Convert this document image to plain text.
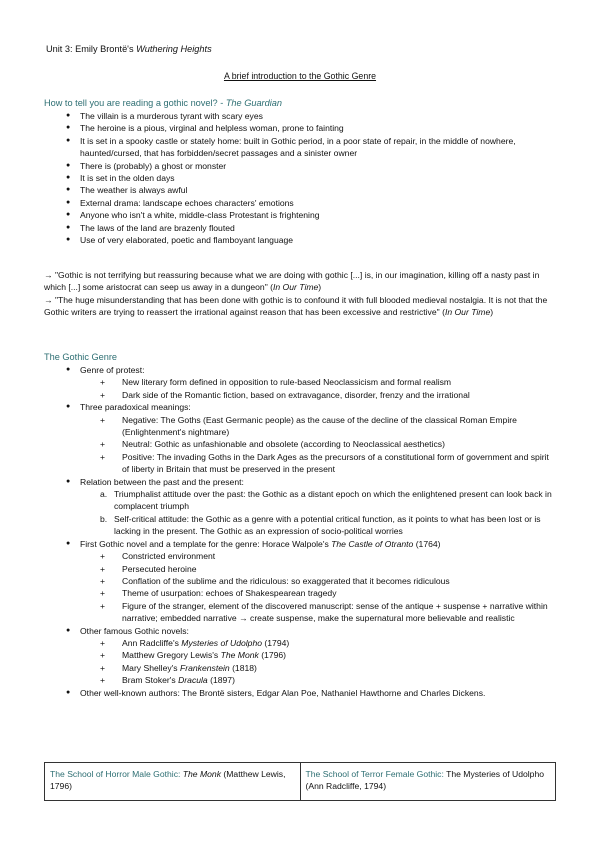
Unit 3: Emily Brontë's Wuthering Heights
A brief introduction to the Gothic Genre
How to tell you are reading a gothic novel? - The Guardian
● The villain is a murderous tyrant with scary eyes
● The heroine is a pious, virginal and helpless woman, prone to fainting
● It is set in a spooky castle or stately home: built in Gothic period, in a poor state of repair, in the middle of nowhere, haunted/cursed, that has forbidden/secret passages and a sinister owner
● There is (probably) a ghost or monster
● It is set in the olden days
● The weather is always awful
● External drama: landscape echoes characters' emotions
● Anyone who isn't a white, middle-class Protestant is frightening
● The laws of the land are brazenly flouted
● Use of very elaborated, poetic and flamboyant language

→ "Gothic is not terrifying but reassuring because what we are doing with gothic [...] is, in our imagination, killing off a nasty past in which [...] some aristocrat can seep us away in a dungeon" (In Our Time)

→ "The huge misunderstanding that has been done with gothic is to confound it with full blooded medieval nostalgia. It is not that the Gothic writers are trying to reassert the irrational against reason that has been excessive and restrictive" (In Our Time)

The Gothic Genre
● Genre of protest:
+ New literary form defined in opposition to rule-based Neoclassicism and formal realism
+ Dark side of the Romantic fiction, based on extravagance, disorder, frenzy and the irrational
● Three paradoxical meanings:
+ Negative: The Goths (East Germanic people) as the cause of the decline of the classical Roman Empire (Enlightenment's nightmare)
+ Neutral: Gothic as unfashionable and obsolete (according to Neoclassical aesthetics)
+ Positive: The invading Goths in the Dark Ages as the precursors of a constitutional form of government and spirit of liberty in Britain that must be preserved in the present
● Relation between the past and the present:
a. Triumphalist attitude over the past: the Gothic as a distant epoch on which the enlightened present can look back in complacent triumph
b. Self-critical attitude: the Gothic as a genre with a potential critical function, as it points to what has been lost or is lacking in the present. The Gothic as an expression of socio-political worries
● First Gothic novel and a template for the genre: Horace Walpole's The Castle of Otranto (1764)
+ Constricted environment
+ Persecuted heroine
+ Conflation of the sublime and the ridiculous: so exaggerated that it becomes ridiculous
+ Theme of usurpation: echoes of Shakespearean tragedy
+ Figure of the stranger, element of the discovered manuscript: sense of the antique + suspense + narrative within narrative; embedded narrative → create suspense, make the supernatural more believable and realistic
● Other famous Gothic novels:
+ Ann Radcliffe's Mysteries of Udolpho (1794)
+ Matthew Gregory Lewis's The Monk (1796)
+ Mary Shelley's Frankenstein (1818)
+ Bram Stoker's Dracula (1897)
● Other well-known authors: The Brontë sisters, Edgar Alan Poe, Nathaniel Hawthorne and Charles Dickens.
The School of Horror Male Gothic: The Monk (Matthew Lewis, 1796)	The School of Terror Female Gothic: The Mysteries of Udolpho (Ann Radcliffe, 1794)
